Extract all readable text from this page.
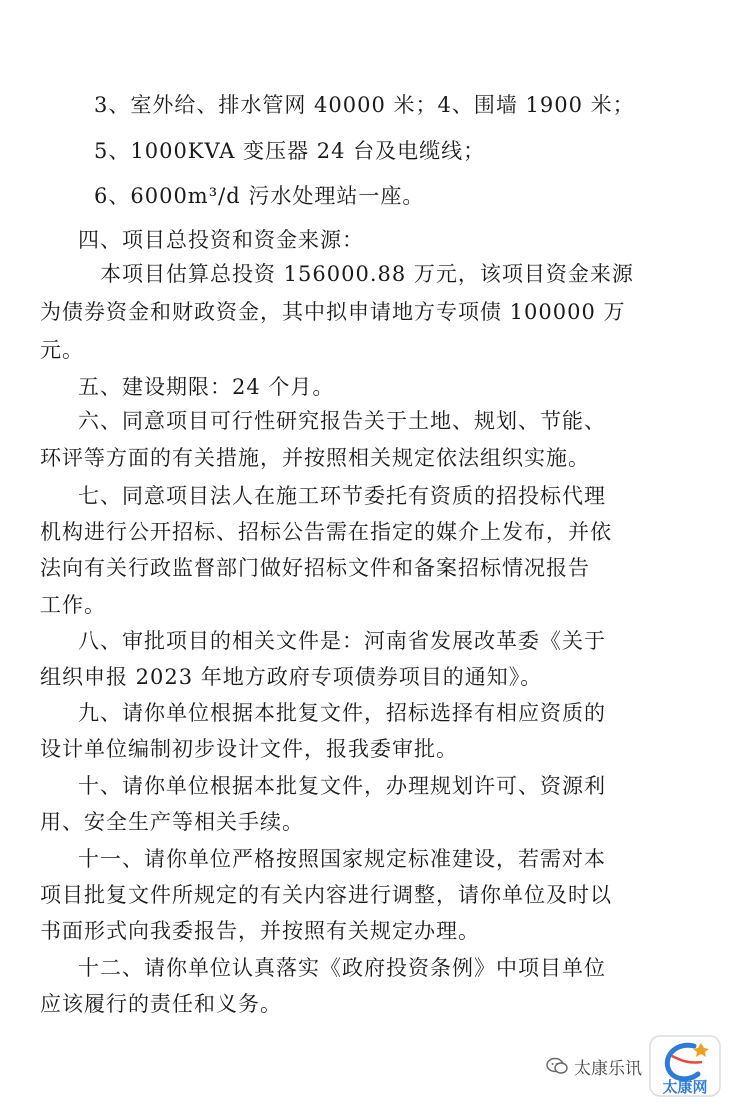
3、室外给、排水管网 40000 米；4、围墙 1900 米；
5、1000KVA 变压器 24 台及电缆线；
6、6000m³/d 污水处理站一座。
四、项目总投资和资金来源：
本项目估算总投资 156000.88 万元，该项目资金来源
为债券资金和财政资金，其中拟申请地方专项债 100000 万
元。
五、建设期限：24 个月。
六、同意项目可行性研究报告关于土地、规划、节能、
环评等方面的有关措施，并按照相关规定依法组织实施。
七、同意项目法人在施工环节委托有资质的招投标代理
机构进行公开招标、招标公告需在指定的媒介上发布，并依
法向有关行政监督部门做好招标文件和备案招标情况报告
工作。
八、审批项目的相关文件是：河南省发展改革委《关于
组织申报 2023 年地方政府专项债券项目的通知》。
九、请你单位根据本批复文件，招标选择有相应资质的
设计单位编制初步设计文件，报我委审批。
十、请你单位根据本批复文件，办理规划许可、资源利
用、安全生产等相关手续。
十一、请你单位严格按照国家规定标准建设，若需对本
项目批复文件所规定的有关内容进行调整，请你单位及时以
书面形式向我委报告，并按照有关规定办理。
十二、请你单位认真落实《政府投资条例》中项目单位
应该履行的责任和义务。
太康乐讯
太康网
